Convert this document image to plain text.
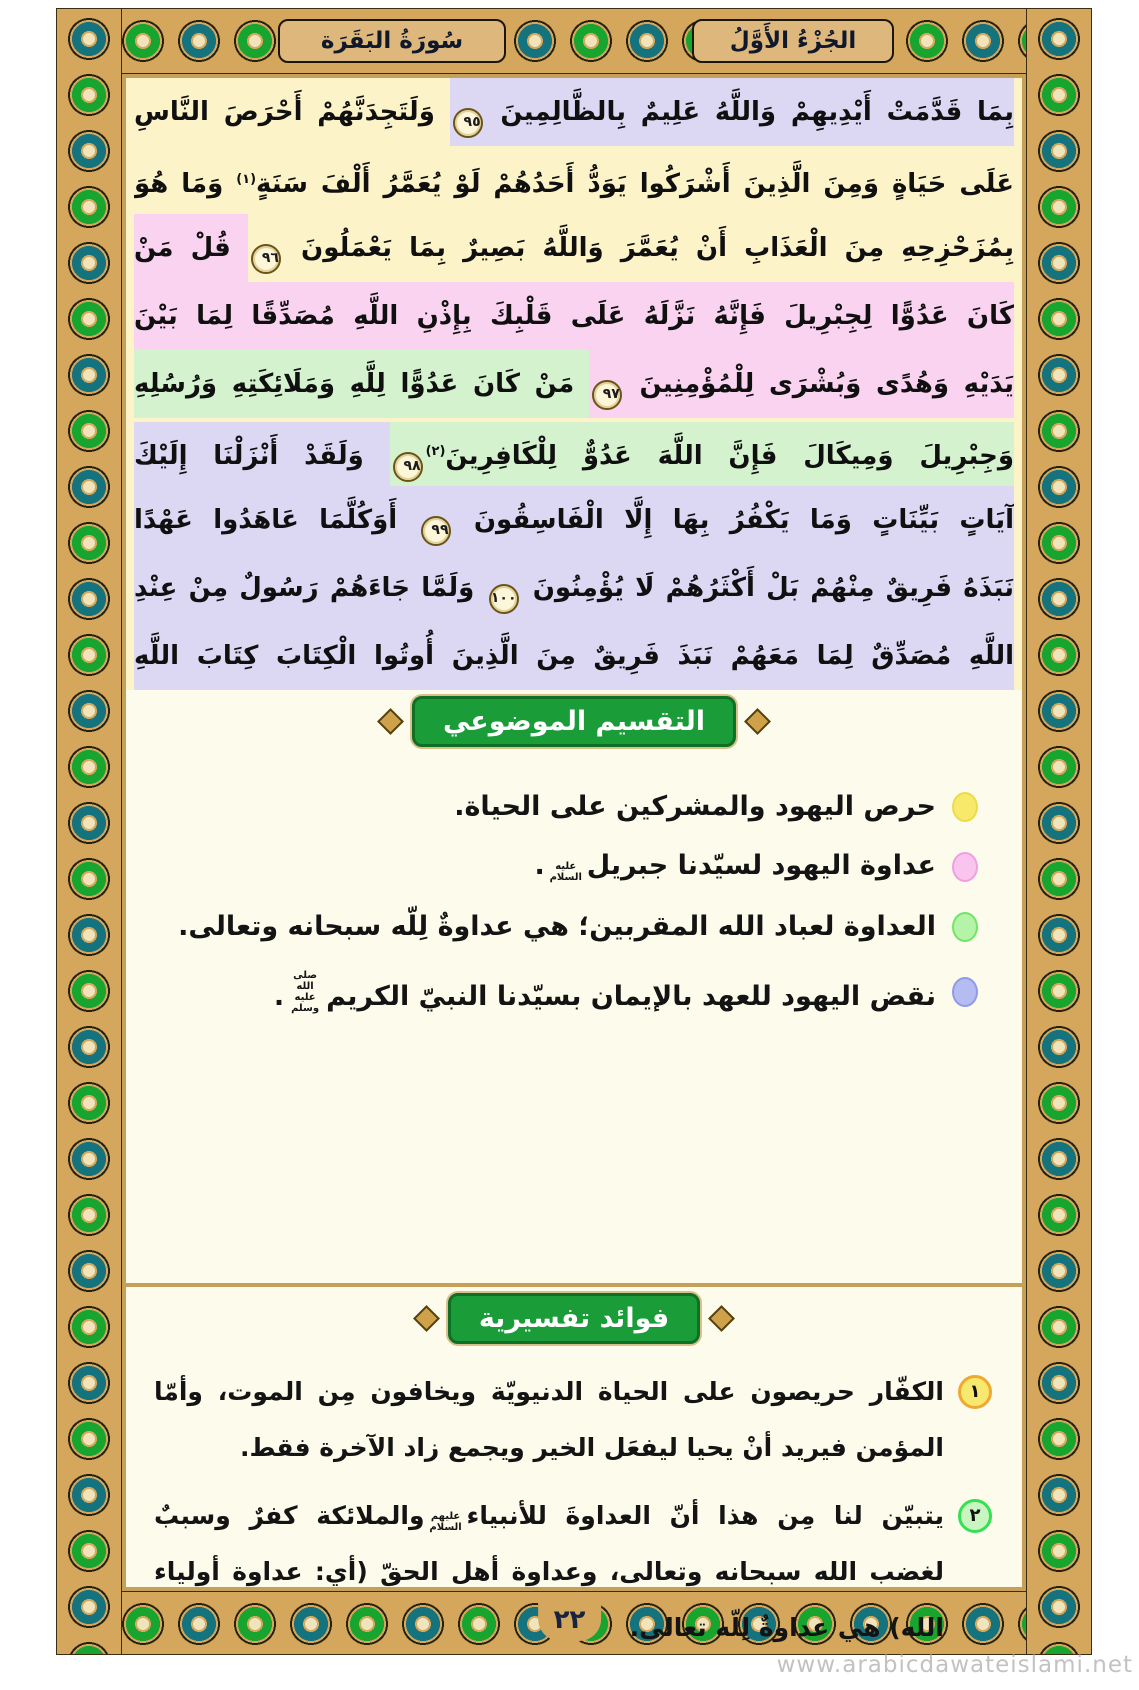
سُورَةُ البَقَرَة	الجُزْءُ الأَوَّلُ
٢٢
www.arabicdawateislami.net
بِمَا قَدَّمَتْ أَيْدِيهِمْ وَاللَّهُ عَلِيمٌ بِالظَّالِمِينَ ٩٥ وَلَتَجِدَنَّهُمْ أَحْرَصَ النَّاسِ
عَلَى حَيَاةٍ وَمِنَ الَّذِينَ أَشْرَكُوا يَوَدُّ أَحَدُهُمْ لَوْ يُعَمَّرُ أَلْفَ سَنَةٍ$^{(١)}$ وَمَا هُوَ
بِمُزَحْزِحِهِ مِنَ الْعَذَابِ أَنْ يُعَمَّرَ وَاللَّهُ بَصِيرٌ بِمَا يَعْمَلُونَ ٩٦ قُلْ مَنْ
كَانَ عَدُوًّا لِجِبْرِيلَ فَإِنَّهُ نَزَّلَهُ عَلَى قَلْبِكَ بِإِذْنِ اللَّهِ مُصَدِّقًا لِمَا بَيْنَ
يَدَيْهِ وَهُدًى وَبُشْرَى لِلْمُؤْمِنِينَ ٩٧ مَنْ كَانَ عَدُوًّا لِلَّهِ وَمَلَائِكَتِهِ وَرُسُلِهِ
وَجِبْرِيلَ وَمِيكَالَ فَإِنَّ اللَّهَ عَدُوٌّ لِلْكَافِرِينَ$^{(٢)}$٩٨ وَلَقَدْ أَنْزَلْنَا إِلَيْكَ
آيَاتٍ بَيِّنَاتٍ وَمَا يَكْفُرُ بِهَا إِلَّا الْفَاسِقُونَ ٩٩ أَوَكُلَّمَا عَاهَدُوا عَهْدًا
نَبَذَهُ فَرِيقٌ مِنْهُمْ بَلْ أَكْثَرُهُمْ لَا يُؤْمِنُونَ ١٠٠ وَلَمَّا جَاءَهُمْ رَسُولٌ مِنْ عِنْدِ
اللَّهِ مُصَدِّقٌ لِمَا مَعَهُمْ نَبَذَ فَرِيقٌ مِنَ الَّذِينَ أُوتُوا الْكِتَابَ كِتَابَ اللَّهِ
التقسيم الموضوعي
حرص اليهود والمشركين على الحياة.
عداوة اليهود لسيّدنا جبريلعليه السلام.
العداوة لعباد الله المقربين؛ هي عداوةٌ لِلّه سبحانه وتعالى.
نقض اليهود للعهد بالإيمان بسيّدنا النبيّ الكريمصلى الله عليه وسلم.
فوائد تفسيرية
١
الكفّار حريصون على الحياة الدنيويّة ويخافون مِن الموت، وأمّا المؤمن فيريد أنْ يحيا ليفعَل الخير ويجمع زاد الآخرة فقط.
٢
يتبيّن لنا مِن هذا أنّ العداوةَ للأنبياءعليهم السلاموالملائكة كفرٌ وسببٌ لغضب الله سبحانه وتعالى، وعداوة أهل الحقّ (أي: عداوة أولياء الله) هي عداوةٌ لِلّه تعالى.
